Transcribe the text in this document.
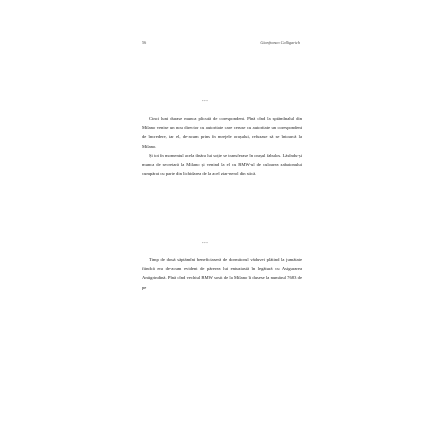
56	Gianfranco Calligarich
***

Cinci luni durase munca plicută de corespondent. Pînă cînd la sptămînalul din Milano venise un nou director cu autoritate care ceruse cu autoritate un corespondent de încredere, iar el, de-acum prins în mrejele orașului, refuzase să se întoarcă la Milano.

Și tot în momentul acela tînăra lui soție se transferase în orașul fabulos. Lăsîndu-și munca de secretară la Milano și venind la el cu BMW-ul de culoarea zabaionului cumpărat cu parte din lichidarea de la acel ziar-nerol din stică.

***

Timp de două săptămîni beneficiaseră de dormitorul văduvei plătind la jumătate fiindcă era de-acum evident de părerea lui entuziastă în legătură cu Asigurarea Antigrindină. Pînă cînd vechiul BMW sosit de la Milano îi dusese la numărul 7683 de pe
